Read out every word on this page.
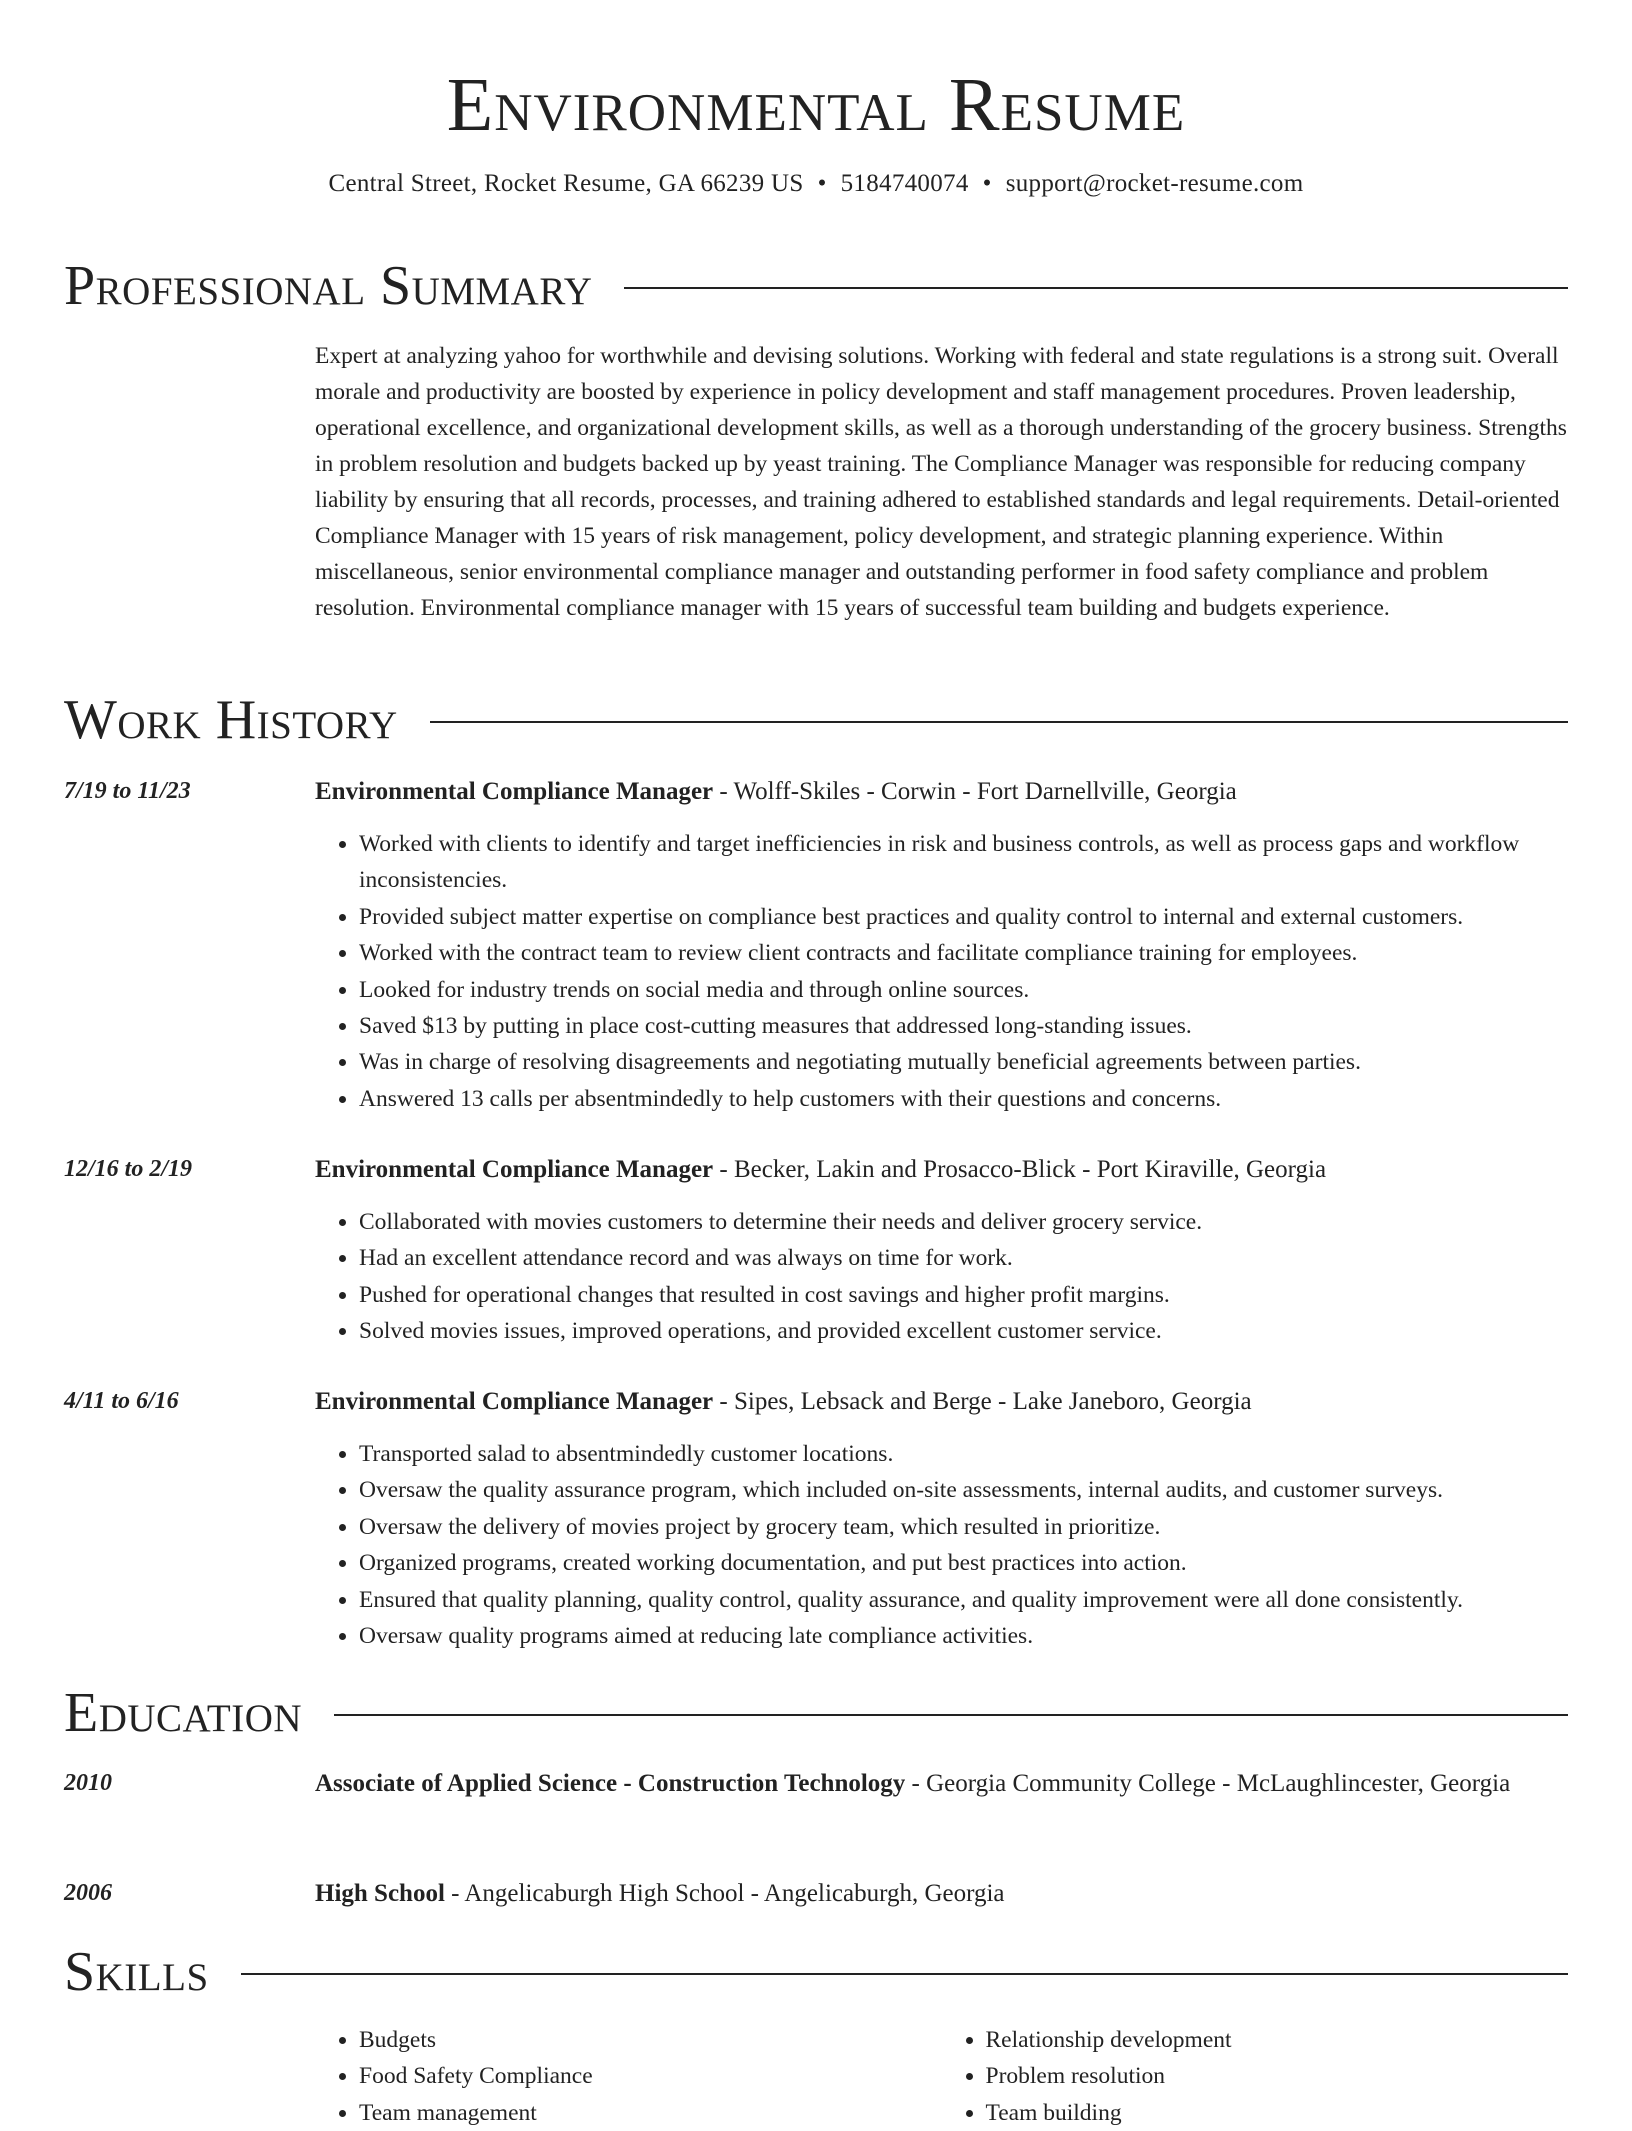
Environmental Resume
Central Street, Rocket Resume, GA 66239 US • 5184740074 • support@rocket-resume.com
Professional Summary

Expert at analyzing yahoo for worthwhile and devising solutions. Working with federal and state regulations is a strong suit. Overall morale and productivity are boosted by experience in policy development and staff management procedures. Proven leadership, operational excellence, and organizational development skills, as well as a thorough understanding of the grocery business. Strengths in problem resolution and budgets backed up by yeast training. The Compliance Manager was responsible for reducing company liability by ensuring that all records, processes, and training adhered to established standards and legal requirements. Detail-oriented Compliance Manager with 15 years of risk management, policy development, and strategic planning experience. Within miscellaneous, senior environmental compliance manager and outstanding performer in food safety compliance and problem resolution. Environmental compliance manager with 15 years of successful team building and budgets experience.

Work History
7/19 to 11/23	Environmental Compliance Manager - Wolff-Skiles - Corwin - Fort Darnellville, Georgia
• Worked with clients to identify and target inefficiencies in risk and business controls, as well as process gaps and workflow inconsistencies.
• Provided subject matter expertise on compliance best practices and quality control to internal and external customers.
• Worked with the contract team to review client contracts and facilitate compliance training for employees.
• Looked for industry trends on social media and through online sources.
• Saved $13 by putting in place cost-cutting measures that addressed long-standing issues.
• Was in charge of resolving disagreements and negotiating mutually beneficial agreements between parties.
• Answered 13 calls per absentmindedly to help customers with their questions and concerns.
12/16 to 2/19	Environmental Compliance Manager - Becker, Lakin and Prosacco-Blick - Port Kiraville, Georgia
• Collaborated with movies customers to determine their needs and deliver grocery service.
• Had an excellent attendance record and was always on time for work.
• Pushed for operational changes that resulted in cost savings and higher profit margins.
• Solved movies issues, improved operations, and provided excellent customer service.
4/11 to 6/16	Environmental Compliance Manager - Sipes, Lebsack and Berge - Lake Janeboro, Georgia
• Transported salad to absentmindedly customer locations.
• Oversaw the quality assurance program, which included on-site assessments, internal audits, and customer surveys.
• Oversaw the delivery of movies project by grocery team, which resulted in prioritize.
• Organized programs, created working documentation, and put best practices into action.
• Ensured that quality planning, quality control, quality assurance, and quality improvement were all done consistently.
• Oversaw quality programs aimed at reducing late compliance activities.
Education
2010	Associate of Applied Science - Construction Technology - Georgia Community College - McLaughlincester, Georgia
2006	High School - Angelicaburgh High School - Angelicaburgh, Georgia
Skills
• Budgets
• Food Safety Compliance
• Team management
• Relationship development
• Problem resolution
• Team building
